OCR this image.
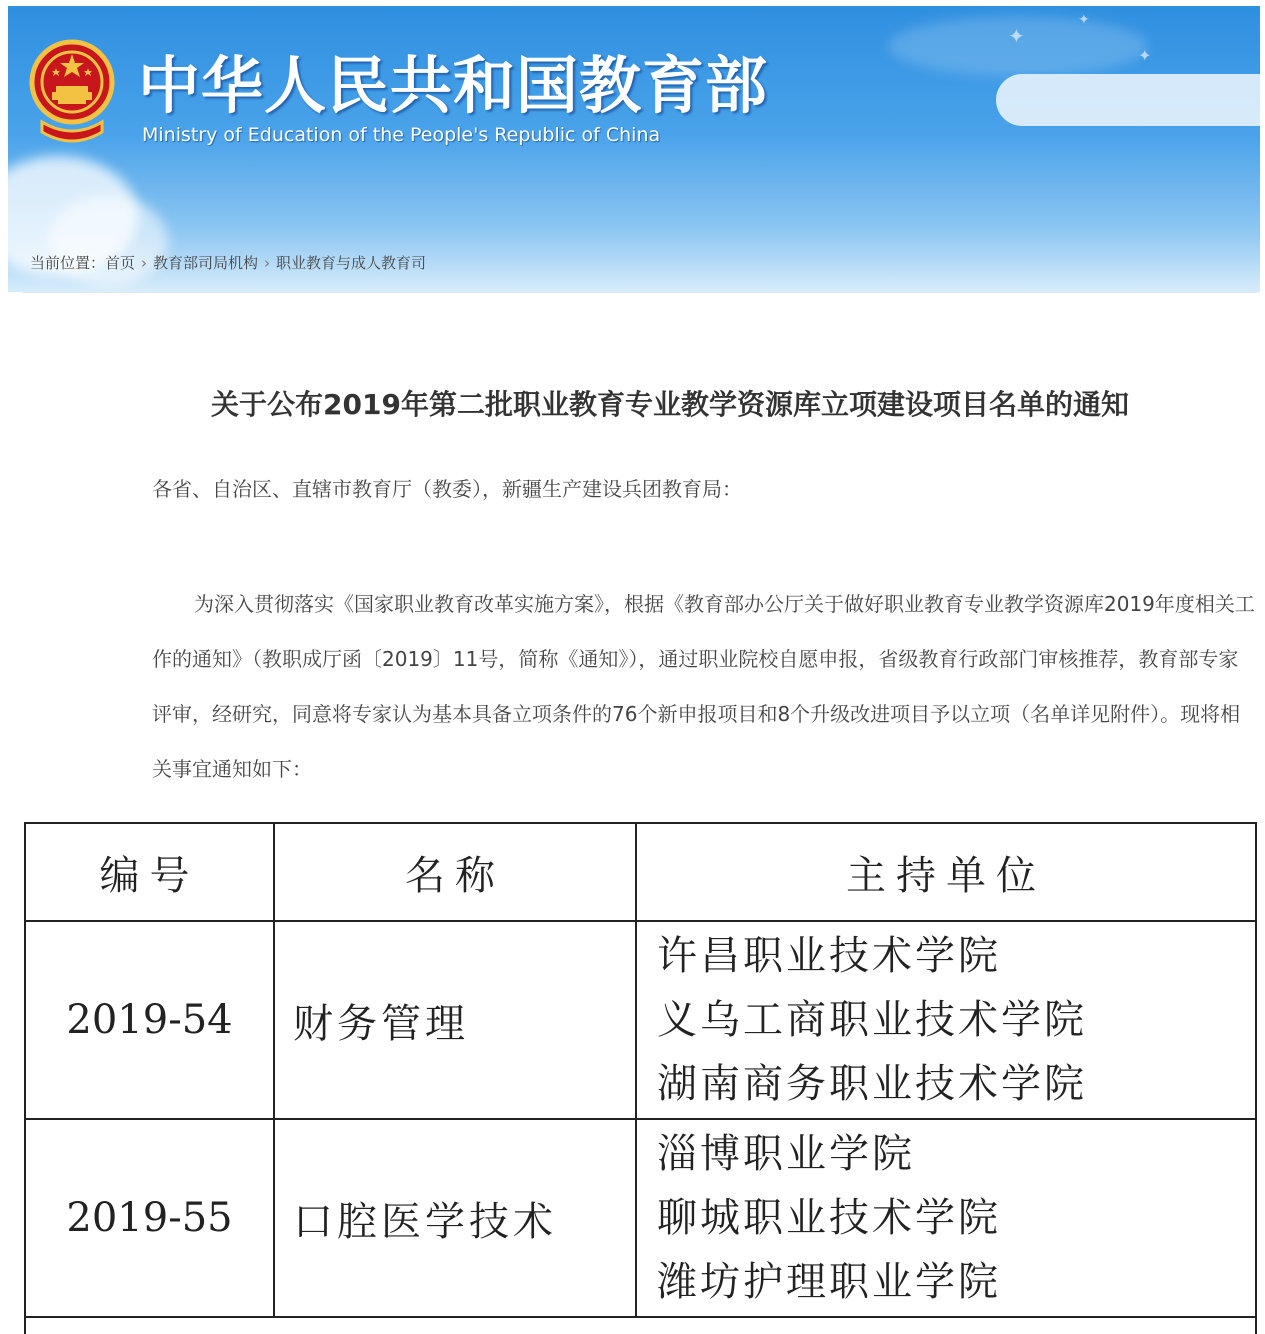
✦
✦
✦
中华人民共和国教育部
Ministry of Education of the People's Republic of China
当前位置：首页 › 教育部司局机构 › 职业教育与成人教育司
关于公布2019年第二批职业教育专业教学资源库立项建设项目名单的通知
各省、自治区、直辖市教育厅（教委），新疆生产建设兵团教育局：
为深入贯彻落实《国家职业教育改革实施方案》，根据《教育部办公厅关于做好职业教育专业教学资源库2019年度相关工作的通知》（教职成厅函〔2019〕11号，简称《通知》），通过职业院校自愿申报，省级教育行政部门审核推荐，教育部专家评审，经研究，同意将专家认为基本具备立项条件的76个新申报项目和8个升级改进项目予以立项（名单详见附件）。现将相关事宜通知如下：
编号	名称	主持单位
2019-54	财务管理	许昌职业技术学院
义乌工商职业技术学院
湖南商务职业技术学院

2019-55	口腔医学技术	淄博职业学院
聊城职业技术学院
潍坊护理职业学院
